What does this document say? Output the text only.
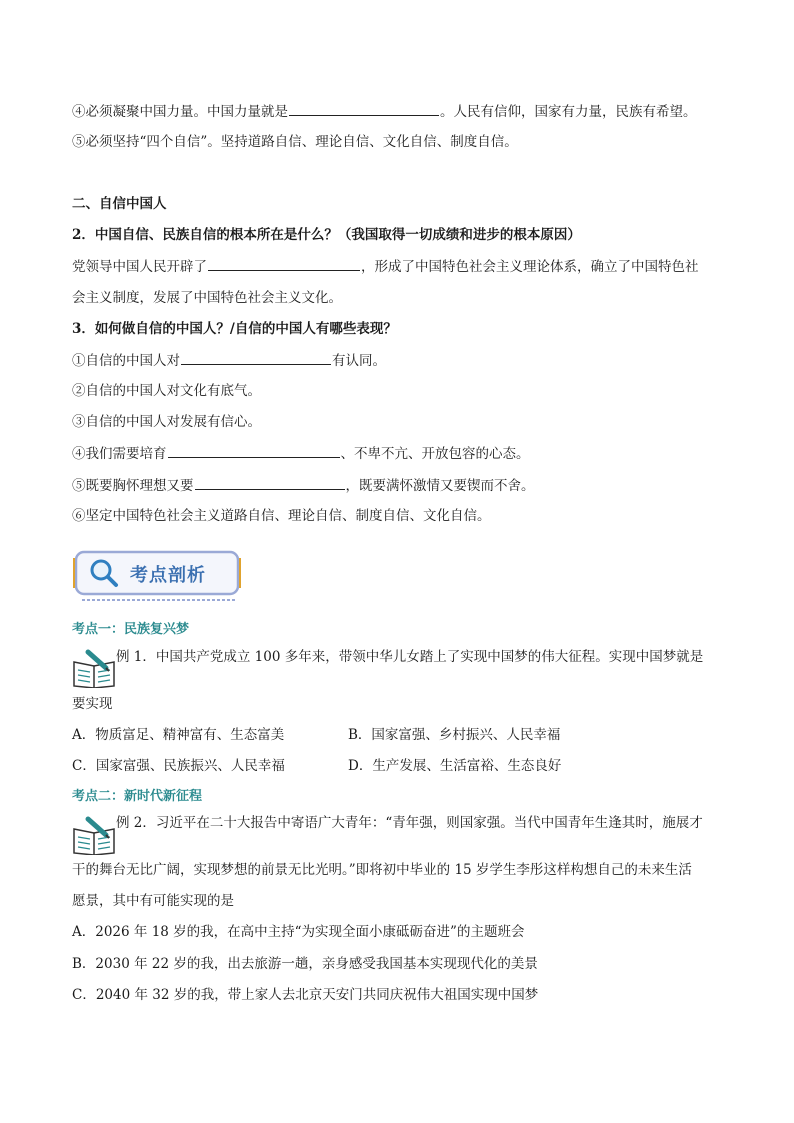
④必须凝聚中国力量。中国力量就是	。人民有信仰，国家有力量，民族有希望。
⑤必须坚持“四个自信”。坚持道路自信、理论自信、文化自信、制度自信。
二、自信中国人
2．中国自信、民族自信的根本所在是什么？（我国取得一切成绩和进步的根本原因）
党领导中国人民开辟了	，形成了中国特色社会主义理论体系，确立了中国特色社
会主义制度，发展了中国特色社会主义文化。
3．如何做自信的中国人？/自信的中国人有哪些表现？
①自信的中国人对	有认同。
②自信的中国人对文化有底气。
③自信的中国人对发展有信心。
④我们需要培育	、不卑不亢、开放包容的心态。
⑤既要胸怀理想又要	，既要满怀激情又要锲而不舍。
⑥坚定中国特色社会主义道路自信、理论自信、制度自信、文化自信。
考点剖析
考点一：民族复兴梦
例 1．中国共产党成立 100 多年来，带领中华儿女踏上了实现中国梦的伟大征程。实现中国梦就是
要实现
A．物质富足、精神富有、生态富美	B．国家富强、乡村振兴、人民幸福
C．国家富强、民族振兴、人民幸福	D．生产发展、生活富裕、生态良好
考点二：新时代新征程
例 2．习近平在二十大报告中寄语广大青年：“青年强，则国家强。当代中国青年生逢其时，施展才
干的舞台无比广阔，实现梦想的前景无比光明。”即将初中毕业的 15 岁学生李彤这样构想自己的未来生活
愿景，其中有可能实现的是
A．2026 年 18 岁的我，在高中主持“为实现全面小康砥砺奋进”的主题班会
B．2030 年 22 岁的我，出去旅游一趟，亲身感受我国基本实现现代化的美景
C．2040 年 32 岁的我，带上家人去北京天安门共同庆祝伟大祖国实现中国梦
